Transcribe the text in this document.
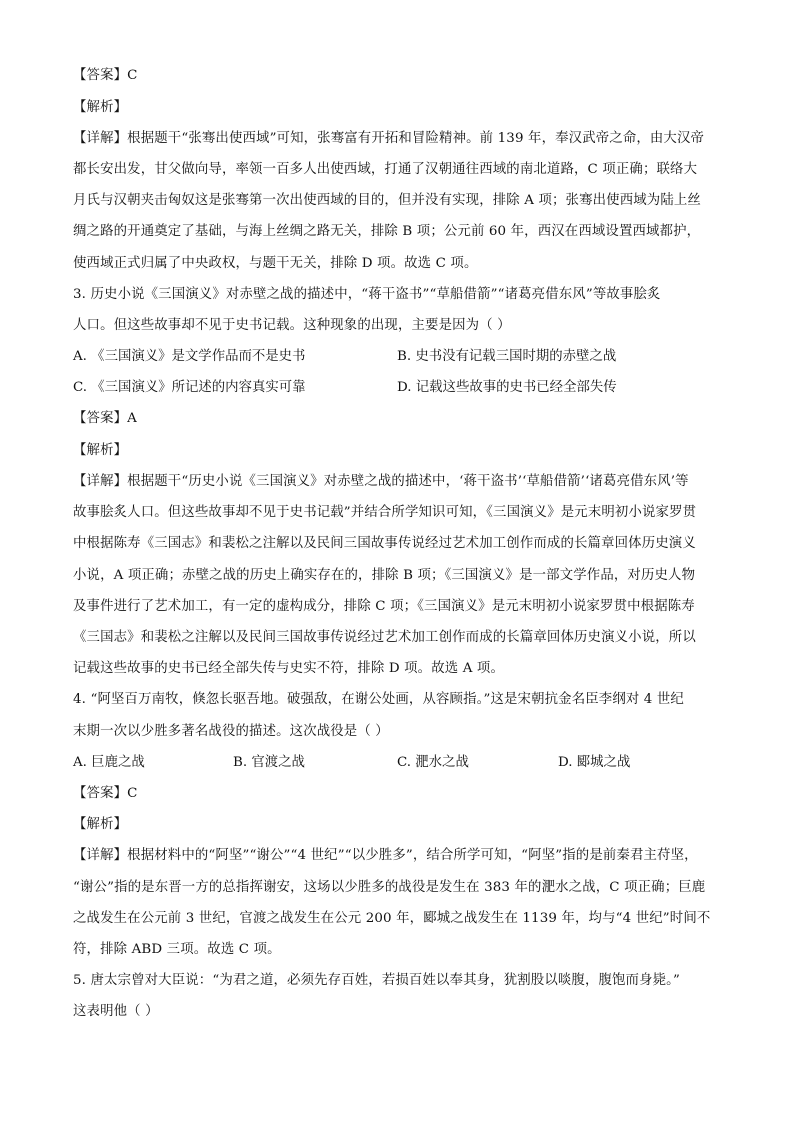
【答案】C
【解析】
【详解】根据题干“张骞出使西域”可知，张骞富有开拓和冒险精神。前 139 年，奉汉武帝之命，由大汉帝
都长安出发，甘父做向导，率领一百多人出使西域，打通了汉朝通往西域的南北道路，C 项正确；联络大
月氏与汉朝夹击匈奴这是张骞第一次出使西域的目的，但并没有实现，排除 A 项；张骞出使西域为陆上丝
绸之路的开通奠定了基础，与海上丝绸之路无关，排除 B 项；公元前 60 年，西汉在西域设置西域都护，
使西域正式归属了中央政权，与题干无关，排除 D 项。故选 C 项。
3. 历史小说《三国演义》对赤壁之战的描述中，“蒋干盗书”“草船借箭”“诸葛亮借东风”等故事脍炙
人口。但这些故事却不见于史书记载。这种现象的出现，主要是因为（ ）
A. 《三国演义》是文学作品而不是史书	B. 史书没有记载三国时期的赤壁之战
C. 《三国演义》所记述的内容真实可靠	D. 记载这些故事的史书已经全部失传
【答案】A
【解析】
【详解】根据题干“历史小说《三国演义》对赤壁之战的描述中，‘蒋干盗书’‘草船借箭’‘诸葛亮借东风’等
故事脍炙人口。但这些故事却不见于史书记载”并结合所学知识可知，《三国演义》是元末明初小说家罗贯
中根据陈寿《三国志》和裴松之注解以及民间三国故事传说经过艺术加工创作而成的长篇章回体历史演义
小说，A 项正确；赤壁之战的历史上确实存在的，排除 B 项；《三国演义》是一部文学作品，对历史人物
及事件进行了艺术加工，有一定的虚构成分，排除 C 项；《三国演义》是元末明初小说家罗贯中根据陈寿
《三国志》和裴松之注解以及民间三国故事传说经过艺术加工创作而成的长篇章回体历史演义小说，所以
记载这些故事的史书已经全部失传与史实不符，排除 D 项。故选 A 项。
4. “阿坚百万南牧，倏忽长驱吾地。破强敌，在谢公处画，从容顾指。”这是宋朝抗金名臣李纲对 4 世纪
末期一次以少胜多著名战役的描述。这次战役是（ ）
A. 巨鹿之战	B. 官渡之战	C. 淝水之战	D. 郾城之战
【答案】C
【解析】
【详解】根据材料中的“阿坚”“谢公”“4 世纪”“以少胜多”，结合所学可知，“阿坚”指的是前秦君主苻坚，
“谢公”指的是东晋一方的总指挥谢安，这场以少胜多的战役是发生在 383 年的淝水之战，C 项正确；巨鹿
之战发生在公元前 3 世纪，官渡之战发生在公元 200 年，郾城之战发生在 1139 年，均与“4 世纪”时间不
符，排除 ABD 三项。故选 C 项。
5. 唐太宗曾对大臣说：“为君之道，必须先存百姓，若损百姓以奉其身，犹割股以啖腹，腹饱而身毙。”
这表明他（ ）
